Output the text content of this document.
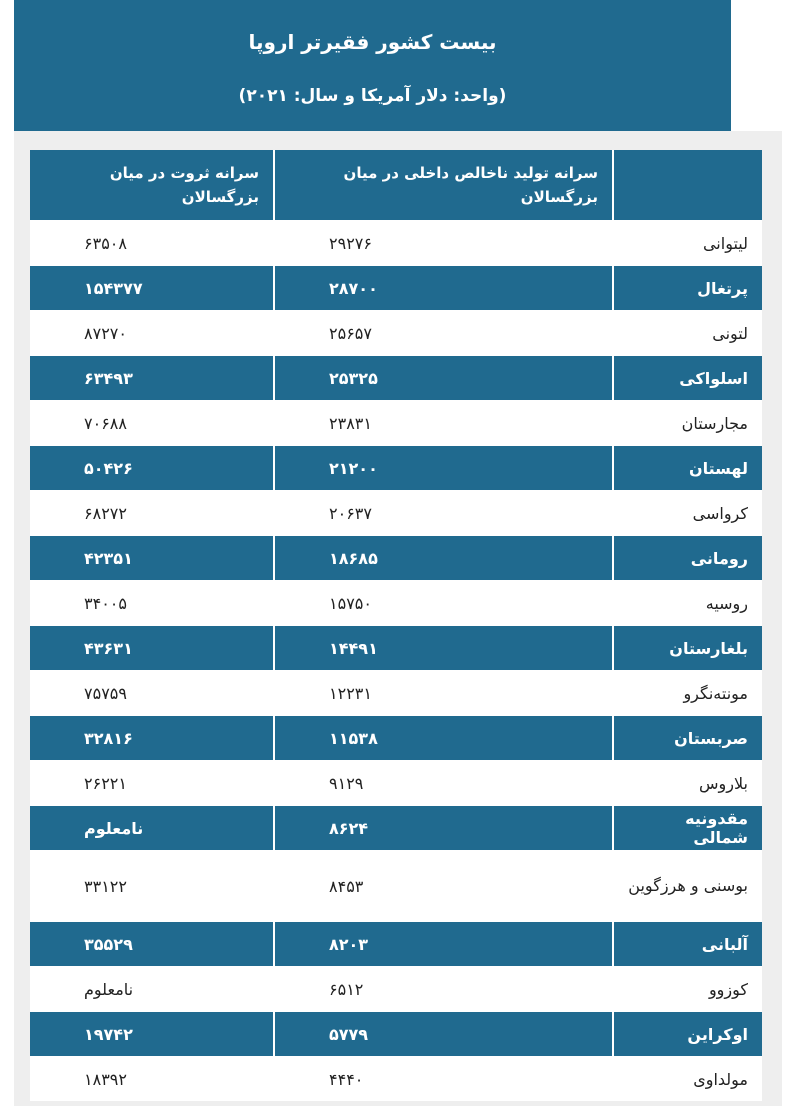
بیست کشور فقیرتر اروپا
(واحد: دلار آمریکا و سال: ۲۰۲۱)
	سرانه تولید ناخالص داخلی در میان بزرگسالان	سرانه ثروت در میان بزرگسالان
لیتوانی	۲۹۲۷۶	۶۳۵۰۸
پرتغال	۲۸۷۰۰	۱۵۴۳۷۷
لتونی	۲۵۶۵۷	۸۷۲۷۰
اسلواکی	۲۵۳۲۵	۶۳۴۹۳
مجارستان	۲۳۸۳۱	۷۰۶۸۸
لهستان	۲۱۲۰۰	۵۰۴۲۶
کرواسی	۲۰۶۳۷	۶۸۲۷۲
رومانی	۱۸۶۸۵	۴۲۳۵۱
روسیه	۱۵۷۵۰	۳۴۰۰۵
بلغارستان	۱۴۴۹۱	۴۳۶۳۱
مونته‌نگرو	۱۲۲۳۱	۷۵۷۵۹
صربستان	۱۱۵۳۸	۳۲۸۱۶
بلاروس	۹۱۲۹	۲۶۲۲۱
مقدونیه شمالی	۸۶۲۴	نامعلوم
بوسنی و هرزگوین	۸۴۵۳	۳۳۱۲۲
آلبانی	۸۲۰۳	۳۵۵۲۹
کوزوو	۶۵۱۲	نامعلوم
اوکراین	۵۷۷۹	۱۹۷۴۲
مولداوی	۴۴۴۰	۱۸۳۹۲
